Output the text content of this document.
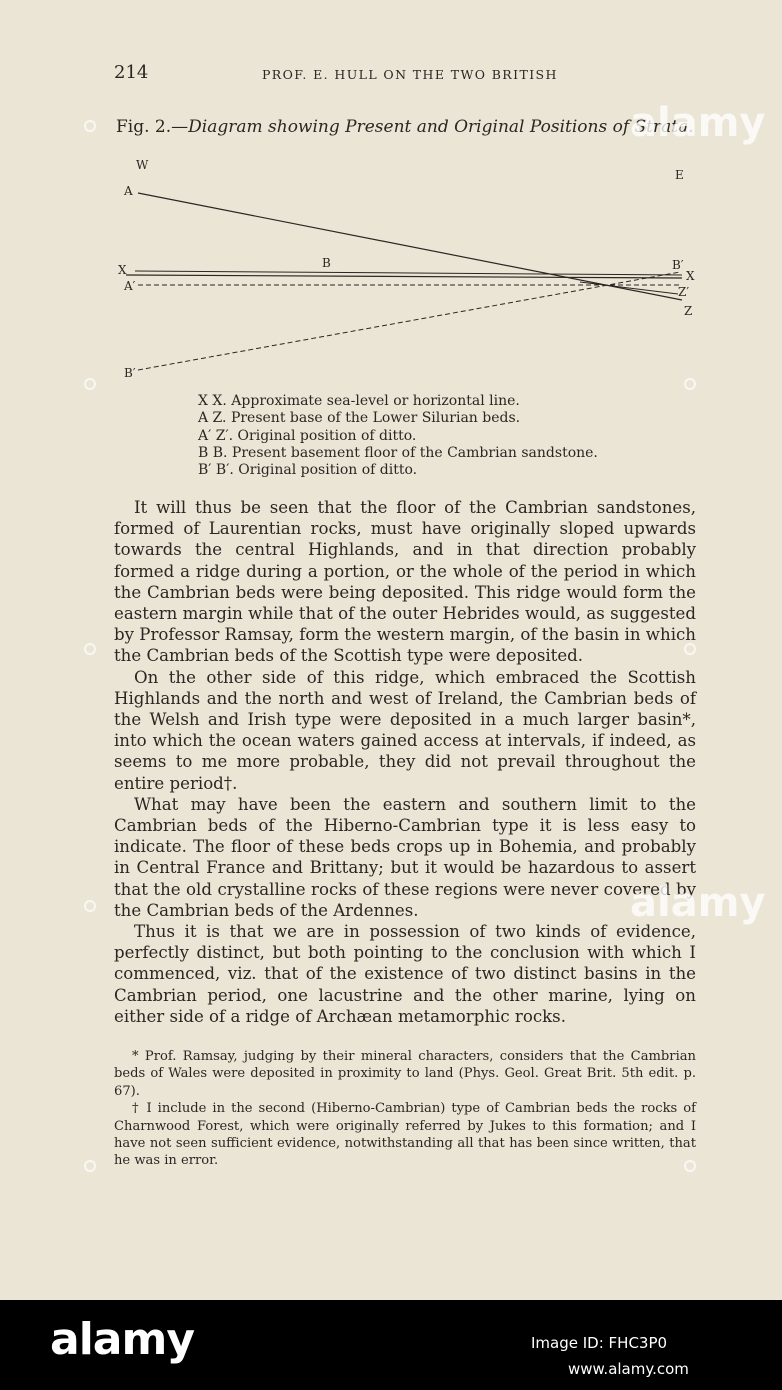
214	PROF. E. HULL ON THE TWO BRITISH
Fig. 2.—Diagram showing Present and Original Positions of Strata.
W
E
A
X
A′
B	B′
X
Z′
Z
B′
X X. Approximate sea-level or horizontal line.
A Z. Present base of the Lower Silurian beds.
A′ Z′. Original position of ditto.
B B. Present basement floor of the Cambrian sandstone.
B′ B′. Original position of ditto.

It will thus be seen that the floor of the Cambrian sandstones, formed of Laurentian rocks, must have originally sloped upwards towards the central Highlands, and in that direction probably formed a ridge during a portion, or the whole of the period in which the Cambrian beds were being deposited. This ridge would form the eastern margin while that of the outer Hebrides would, as suggested by Professor Ramsay, form the western margin, of the basin in which the Cambrian beds of the Scottish type were deposited.

On the other side of this ridge, which embraced the Scottish Highlands and the north and west of Ireland, the Cambrian beds of the Welsh and Irish type were deposited in a much larger basin*, into which the ocean waters gained access at intervals, if indeed, as seems to me more probable, they did not prevail throughout the entire period†.

What may have been the eastern and southern limit to the Cambrian beds of the Hiberno-Cambrian type it is less easy to indicate. The floor of these beds crops up in Bohemia, and probably in Central France and Brittany; but it would be hazardous to assert that the old crystalline rocks of these regions were never covered by the Cambrian beds of the Ardennes.

Thus it is that we are in possession of two kinds of evidence, perfectly distinct, but both pointing to the conclusion with which I commenced, viz. that of the existence of two distinct basins in the Cambrian period, one lacustrine and the other marine, lying on either side of a ridge of Archæan metamorphic rocks.

* Prof. Ramsay, judging by their mineral characters, considers that the Cambrian beds of Wales were deposited in proximity to land (Phys. Geol. Great Brit. 5th edit. p. 67).

† I include in the second (Hiberno-Cambrian) type of Cambrian beds the rocks of Charnwood Forest, which were originally referred by Jukes to this formation; and I have not seen sufficient evidence, notwithstanding all that has been since written, that he was in error.

alamy
alamy
alamy	Image ID: FHC3P0
www.alamy.com
